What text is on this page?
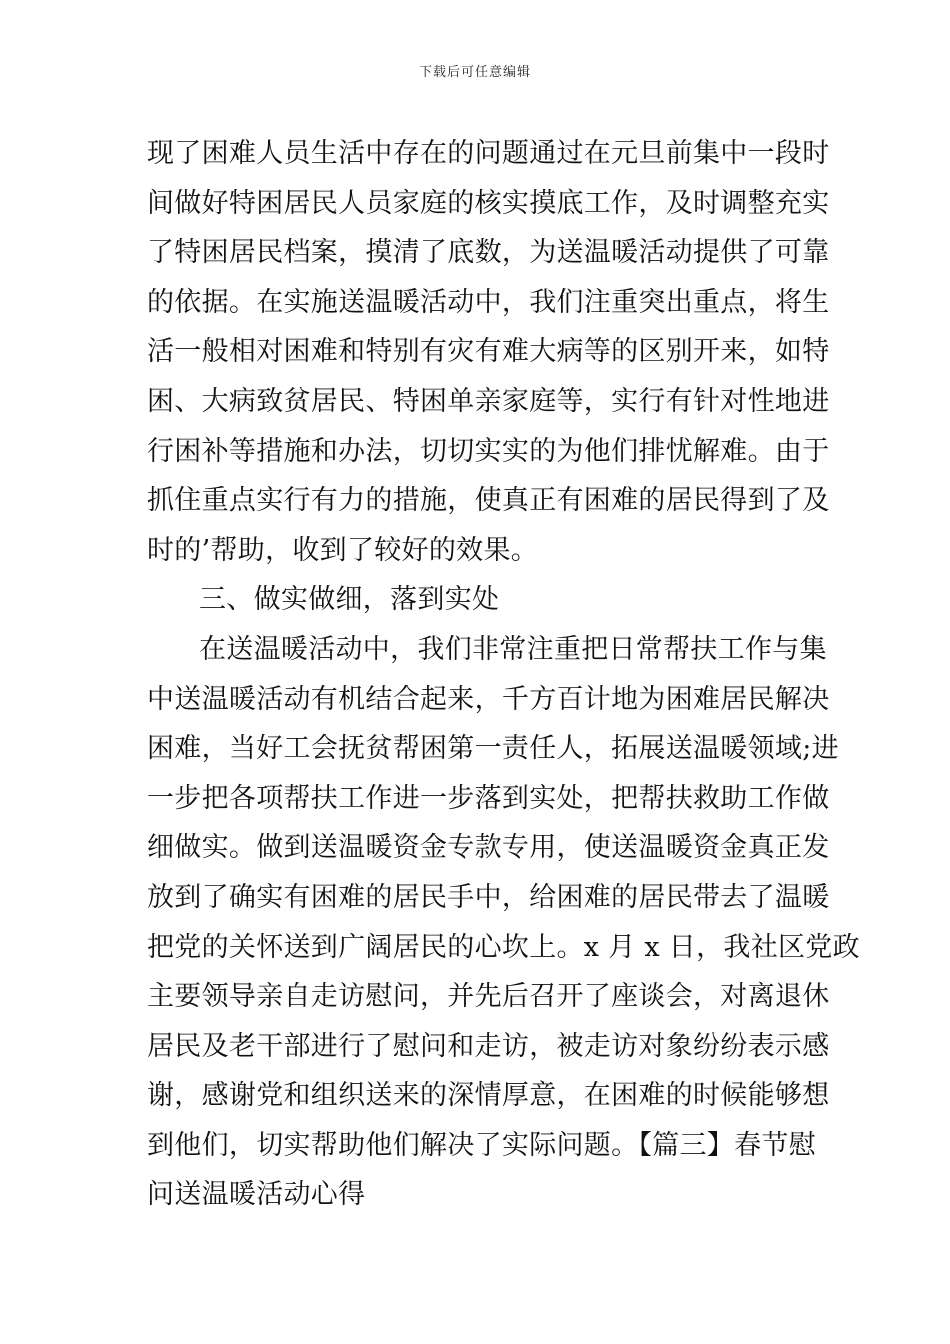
下载后可任意编辑
现了困难人员生活中存在的问题通过在元旦前集中一段时
间做好特困居民人员家庭的核实摸底工作，及时调整充实
了特困居民档案，摸清了底数，为送温暖活动提供了可靠
的依据。在实施送温暖活动中，我们注重突出重点，将生
活一般相对困难和特别有灾有难大病等的区别开来，如特
困、大病致贫居民、特困单亲家庭等，实行有针对性地进
行困补等措施和办法，切切实实的为他们排忧解难。由于
抓住重点实行有力的措施，使真正有困难的居民得到了及
时的’帮助，收到了较好的效果。
三、做实做细，落到实处
在送温暖活动中，我们非常注重把日常帮扶工作与集
中送温暖活动有机结合起来，千方百计地为困难居民解决
困难，当好工会抚贫帮困第一责任人，拓展送温暖领域;进
一步把各项帮扶工作进一步落到实处，把帮扶救助工作做
细做实。做到送温暖资金专款专用，使送温暖资金真正发
放到了确实有困难的居民手中，给困难的居民带去了温暖
把党的关怀送到广阔居民的心坎上。x 月 x 日，我社区党政
主要领导亲自走访慰问，并先后召开了座谈会，对离退休
居民及老干部进行了慰问和走访，被走访对象纷纷表示感
谢，感谢党和组织送来的深情厚意，在困难的时候能够想
到他们，切实帮助他们解决了实际问题。【篇三】春节慰
问送温暖活动心得
